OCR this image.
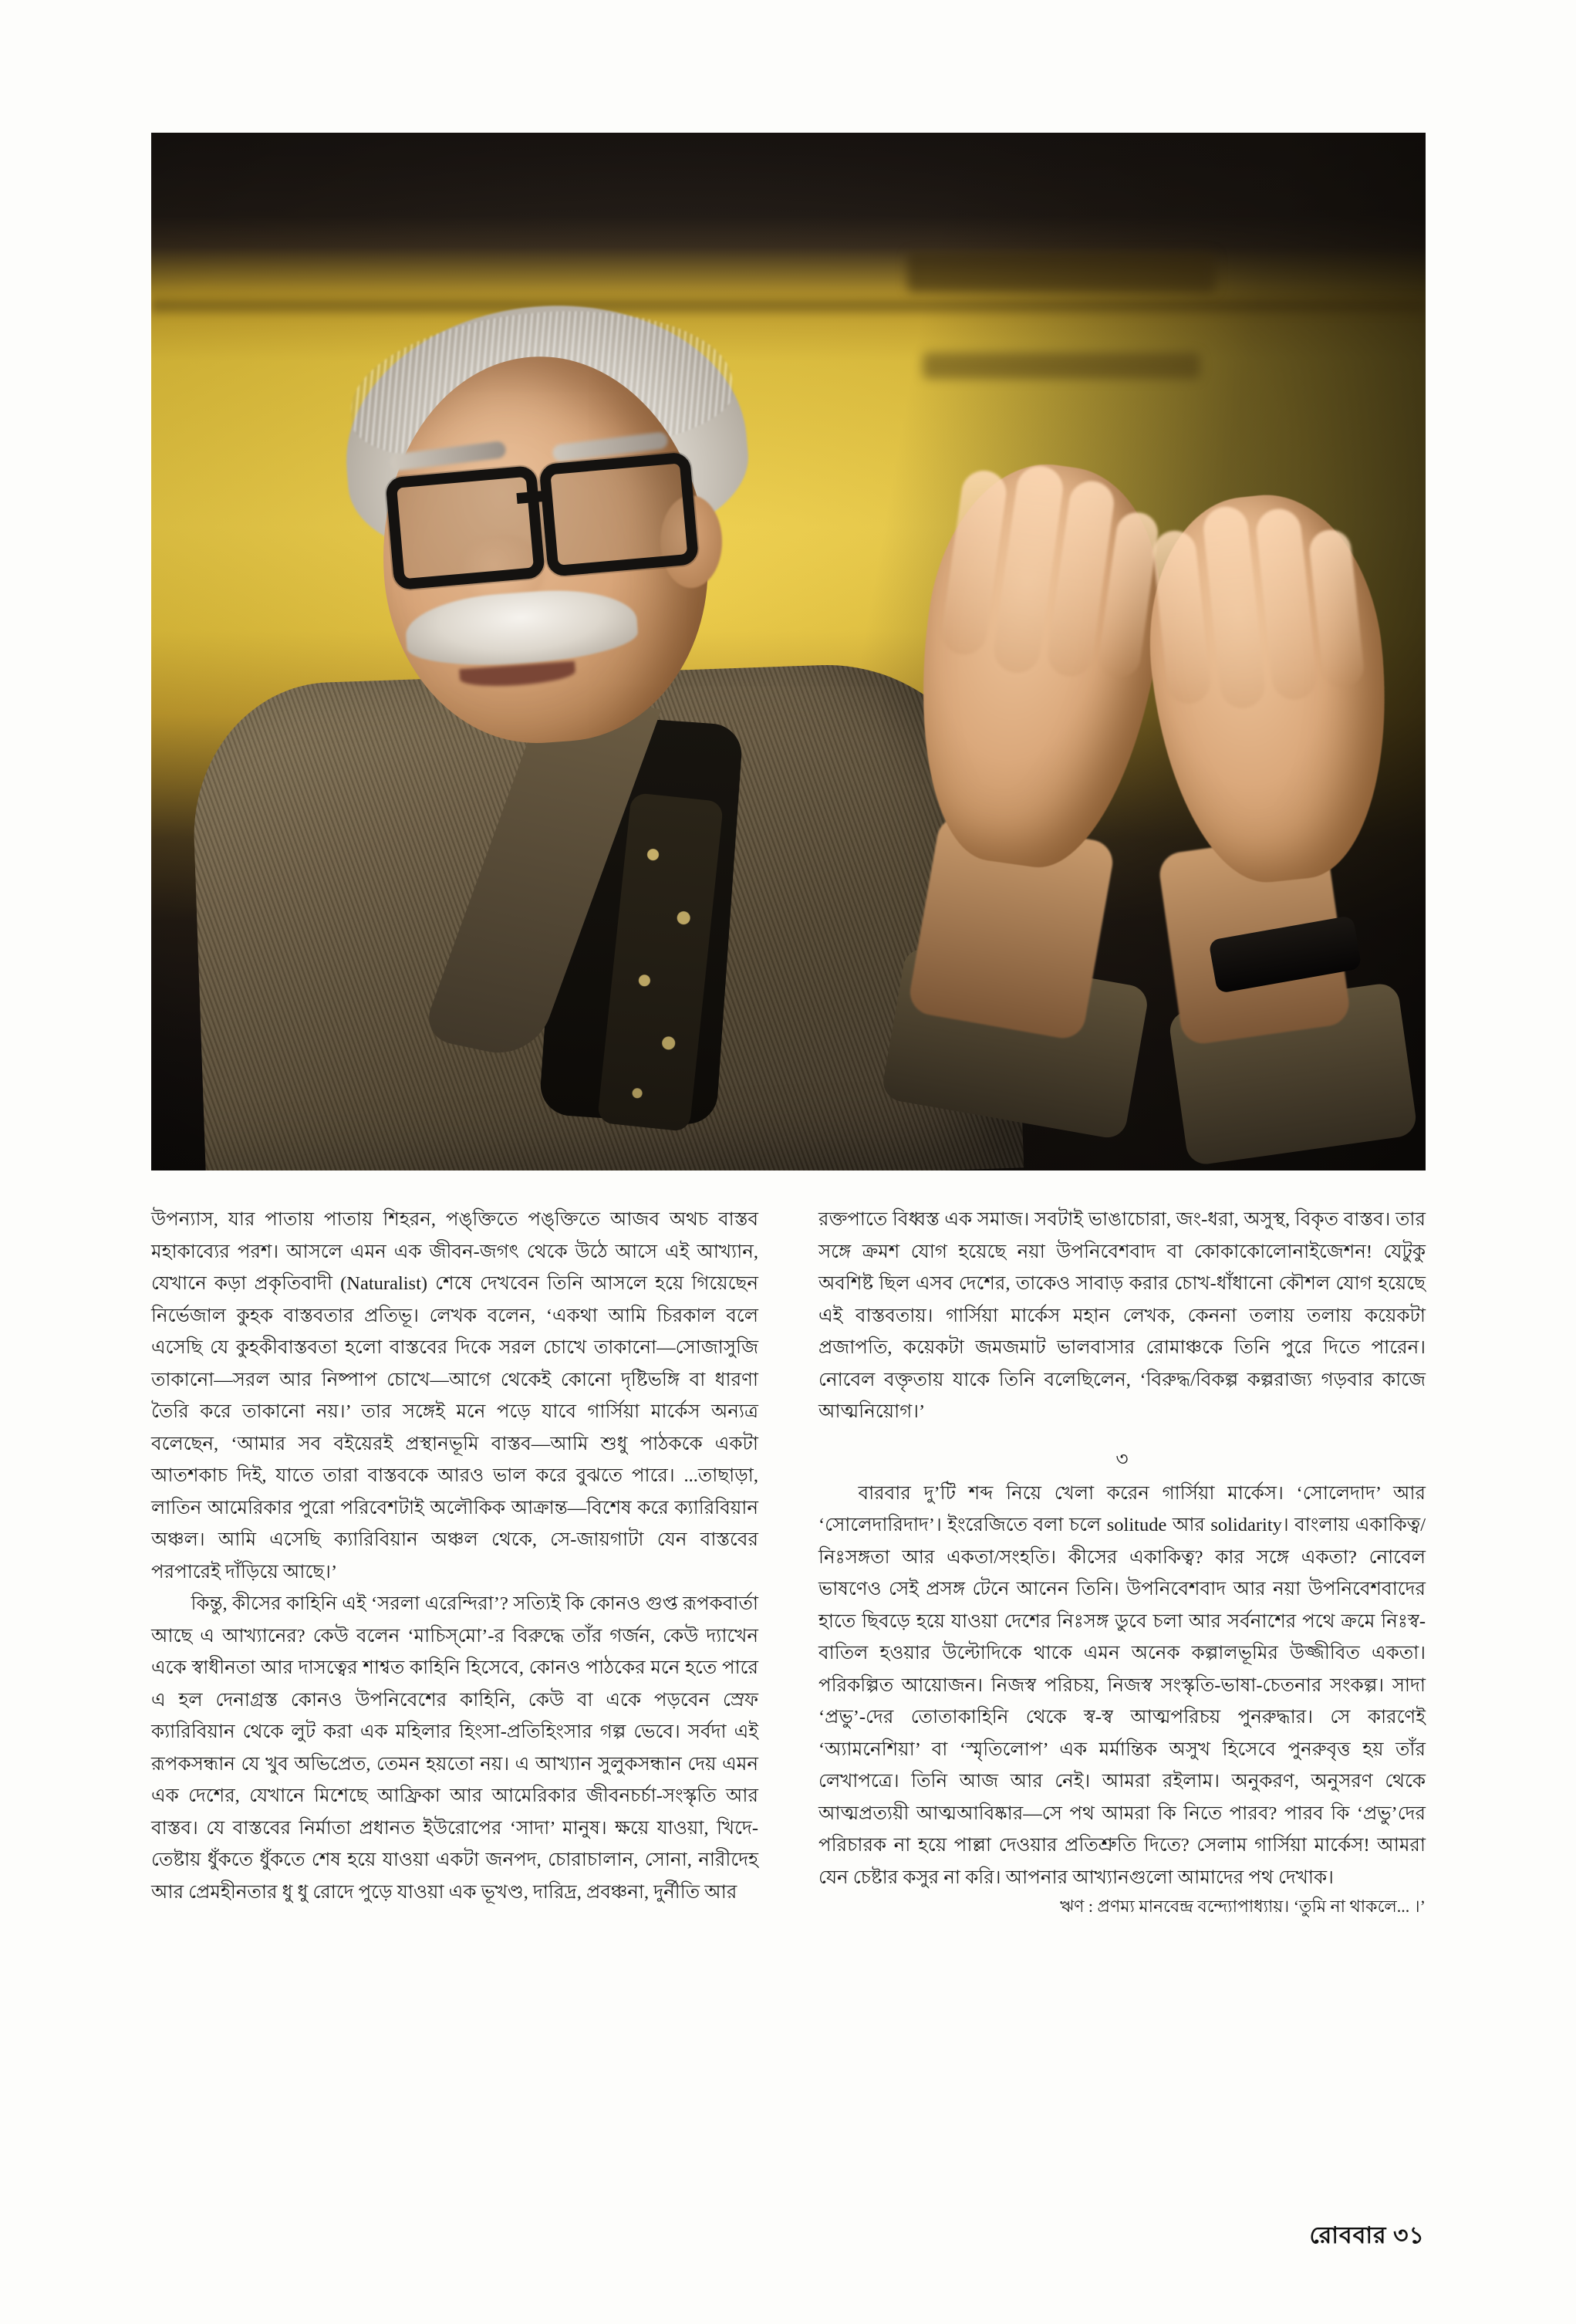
উপন্যাস, যার পাতায় পাতায় শিহরন, পঙ্‌ক্তিতে পঙ্‌ক্তিতে আজব অথচ বাস্তব মহাকাব্যের পরশ। আসলে এমন এক জীবন-জগৎ থেকে উঠে আসে এই আখ্যান, যেখানে কড়া প্রকৃতিবাদী (Naturalist) শেষে দেখবেন তিনি আসলে হয়ে গিয়েছেন নির্ভেজাল কুহক বাস্তবতার প্রতিভূ। লেখক বলেন, ‘একথা আমি চিরকাল বলে এসেছি যে কুহকীবাস্তবতা হলো বাস্তবের দিকে সরল চোখে তাকানো—সোজাসুজি তাকানো—সরল আর নিষ্পাপ চোখে—আগে থেকেই কোনো দৃষ্টিভঙ্গি বা ধারণা তৈরি করে তাকানো নয়।’ তার সঙ্গেই মনে পড়ে যাবে গার্সিয়া মার্কেস অন্যত্র বলেছেন, ‘আমার সব বইয়েরই প্রস্থানভূমি বাস্তব—আমি শুধু পাঠককে একটা আতশকাচ দিই, যাতে তারা বাস্তবকে আরও ভাল করে বুঝতে পারে। ...তাছাড়া, লাতিন আমেরিকার পুরো পরিবেশটাই অলৌকিক আক্রান্ত—বিশেষ করে ক্যারিবিয়ান অঞ্চল। আমি এসেছি ক্যারিবিয়ান অঞ্চল থেকে, সে-জায়গাটা যেন বাস্তবের পরপারেই দাঁড়িয়ে আছে।’

কিন্তু, কীসের কাহিনি এই ‘সরলা এরেন্দিরা’? সত্যিই কি কোনও গুপ্ত রূপকবার্তা আছে এ আখ্যানের? কেউ বলেন ‘মাচিস্‌মো’-র বিরুদ্ধে তাঁর গর্জন, কেউ দ্যাখেন একে স্বাধীনতা আর দাসত্বের শাশ্বত কাহিনি হিসেবে, কোনও পাঠকের মনে হতে পারে এ হল দেনাগ্রস্ত কোনও উপনিবেশের কাহিনি, কেউ বা একে পড়বেন স্রেফ ক্যারিবিয়ান থেকে লুট করা এক মহিলার হিংসা-প্রতিহিংসার গল্প ভেবে। সর্বদা এই রূপকসন্ধান যে খুব অভিপ্রেত, তেমন হয়তো নয়। এ আখ্যান সুলুকসন্ধান দেয় এমন এক দেশের, যেখানে মিশেছে আফ্রিকা আর আমেরিকার জীবনচর্চা-সংস্কৃতি আর বাস্তব। যে বাস্তবের নির্মাতা প্রধানত ইউরোপের ‘সাদা’ মানুষ। ক্ষয়ে যাওয়া, খিদে-তেষ্টায় ধুঁকতে ধুঁকতে শেষ হয়ে যাওয়া একটা জনপদ, চোরাচালান, সোনা, নারীদেহ আর প্রেমহীনতার ধু ধু রোদে পুড়ে যাওয়া এক ভূখণ্ড, দারিদ্র, প্রবঞ্চনা, দুর্নীতি আর

রক্তপাতে বিধ্বস্ত এক সমাজ। সবটাই ভাঙাচোরা, জং-ধরা, অসুস্থ, বিকৃত বাস্তব। তার সঙ্গে ক্রমশ যোগ হয়েছে নয়া উপনিবেশবাদ বা কোকাকোলোনাইজেশন! যেটুকু অবশিষ্ট ছিল এসব দেশের, তাকেও সাবাড় করার চোখ-ধাঁধানো কৌশল যোগ হয়েছে এই বাস্তবতায়। গার্সিয়া মার্কেস মহান লেখক, কেননা তলায় তলায় কয়েকটা প্রজাপতি, কয়েকটা জমজমাট ভালবাসার রোমাঞ্চকে তিনি পুরে দিতে পারেন। নোবেল বক্তৃতায় যাকে তিনি বলেছিলেন, ‘বিরুদ্ধ/বিকল্প কল্পরাজ্য গড়বার কাজে আত্মনিয়োগ।’

৩

বারবার দু’টি শব্দ নিয়ে খেলা করেন গার্সিয়া মার্কেস। ‘সোলেদাদ’ আর ‘সোলেদারিদাদ’। ইংরেজিতে বলা চলে solitude আর solidarity। বাংলায় একাকিত্ব/নিঃসঙ্গতা আর একতা/সংহতি। কীসের একাকিত্ব? কার সঙ্গে একতা? নোবেল ভাষণেও সেই প্রসঙ্গ টেনে আনেন তিনি। উপনিবেশবাদ আর নয়া উপনিবেশবাদের হাতে ছিবড়ে হয়ে যাওয়া দেশের নিঃসঙ্গ ডুবে চলা আর সর্বনাশের পথে ক্রমে নিঃস্ব-বাতিল হওয়ার উল্টোদিকে থাকে এমন অনেক কল্পালভূমির উজ্জীবিত একতা। পরিকল্পিত আয়োজন। নিজস্ব পরিচয়, নিজস্ব সংস্কৃতি-ভাষা-চেতনার সংকল্প। সাদা ‘প্রভু’-দের তোতাকাহিনি থেকে স্ব-স্ব আত্মপরিচয় পুনরুদ্ধার। সে কারণেই ‘অ্যামনেশিয়া’ বা ‘স্মৃতিলোপ’ এক মর্মান্তিক অসুখ হিসেবে পুনরুবৃত্ত হয় তাঁর লেখাপত্রে। তিনি আজ আর নেই। আমরা রইলাম। অনুকরণ, অনুসরণ থেকে আত্মপ্রত্যয়ী আত্মআবিষ্কার—সে পথ আমরা কি নিতে পারব? পারব কি ‘প্রভু’দের পরিচারক না হয়ে পাল্লা দেওয়ার প্রতিশ্রুতি দিতে? সেলাম গার্সিয়া মার্কেস! আমরা যেন চেষ্টার কসুর না করি। আপনার আখ্যানগুলো আমাদের পথ দেখাক।

ঋণ : প্রণম্য মানবেন্দ্র বন্দ্যোপাধ্যায়। ‘তুমি না থাকলে... ।’

রোববার ৩১
